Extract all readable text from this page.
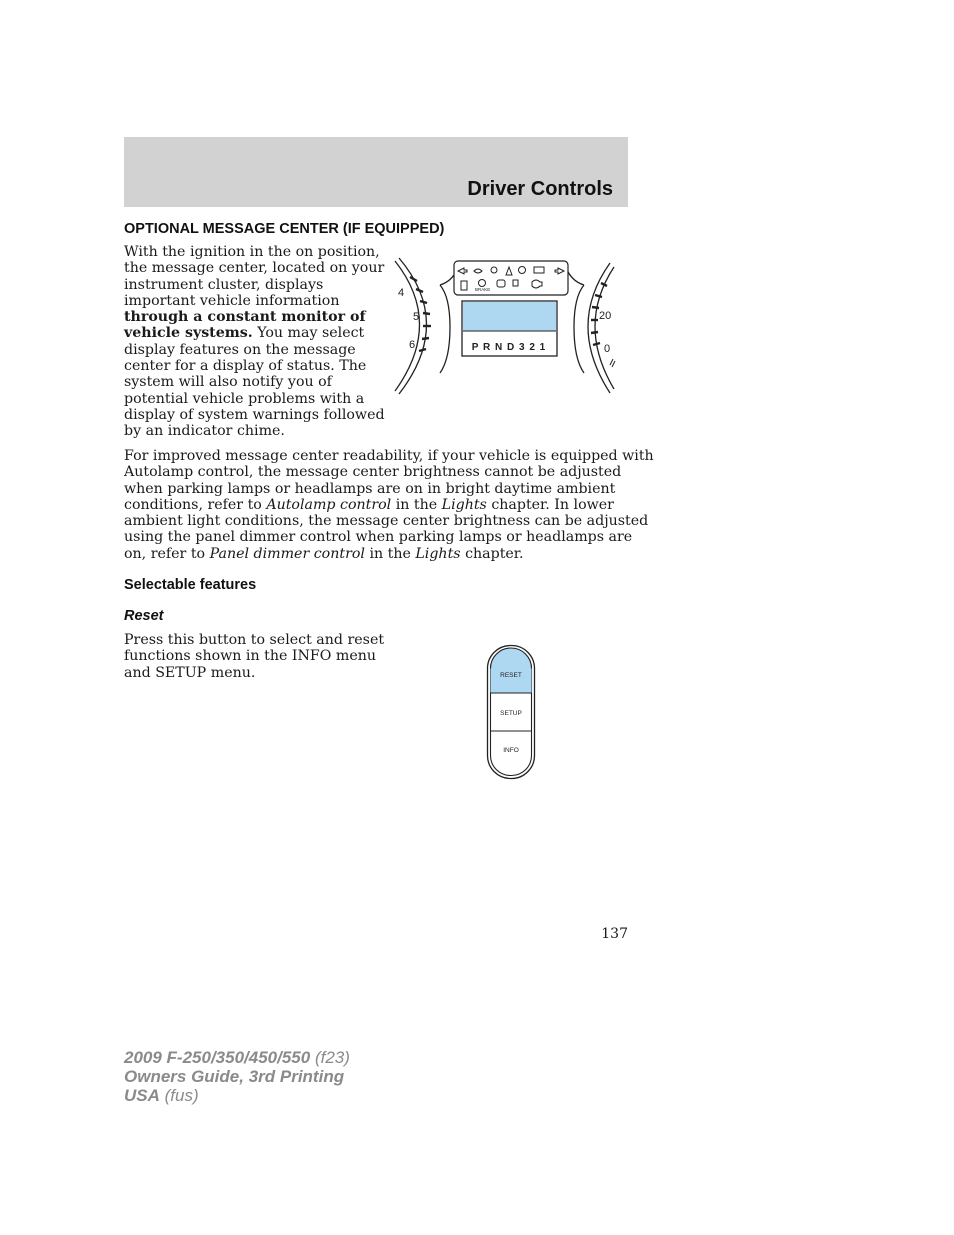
Driver Controls
OPTIONAL MESSAGE CENTER (IF EQUIPPED)
With the ignition in the on position,
the message center, located on your
instrument cluster, displays
important vehicle information
through a constant monitor of
vehicle systems. You may select
display features on the message
center for a display of status. The
system will also notify you of
potential vehicle problems with a
display of system warnings followed
by an indicator chime.
4
5
6
BRAKE
P R N D 3 2 1
20
0
For improved message center readability, if your vehicle is equipped with
Autolamp control, the message center brightness cannot be adjusted
when parking lamps or headlamps are on in bright daytime ambient
conditions, refer to Autolamp control in the Lights chapter. In lower
ambient light conditions, the message center brightness can be adjusted
using the panel dimmer control when parking lamps or headlamps are
on, refer to Panel dimmer control in the Lights chapter.
Selectable features
Reset
Press this button to select and reset
functions shown in the INFO menu
and SETUP menu.	RESET
SETUP
INFO
137
2009 F-250/350/450/550 (f23)
Owners Guide, 3rd Printing
USA (fus)
